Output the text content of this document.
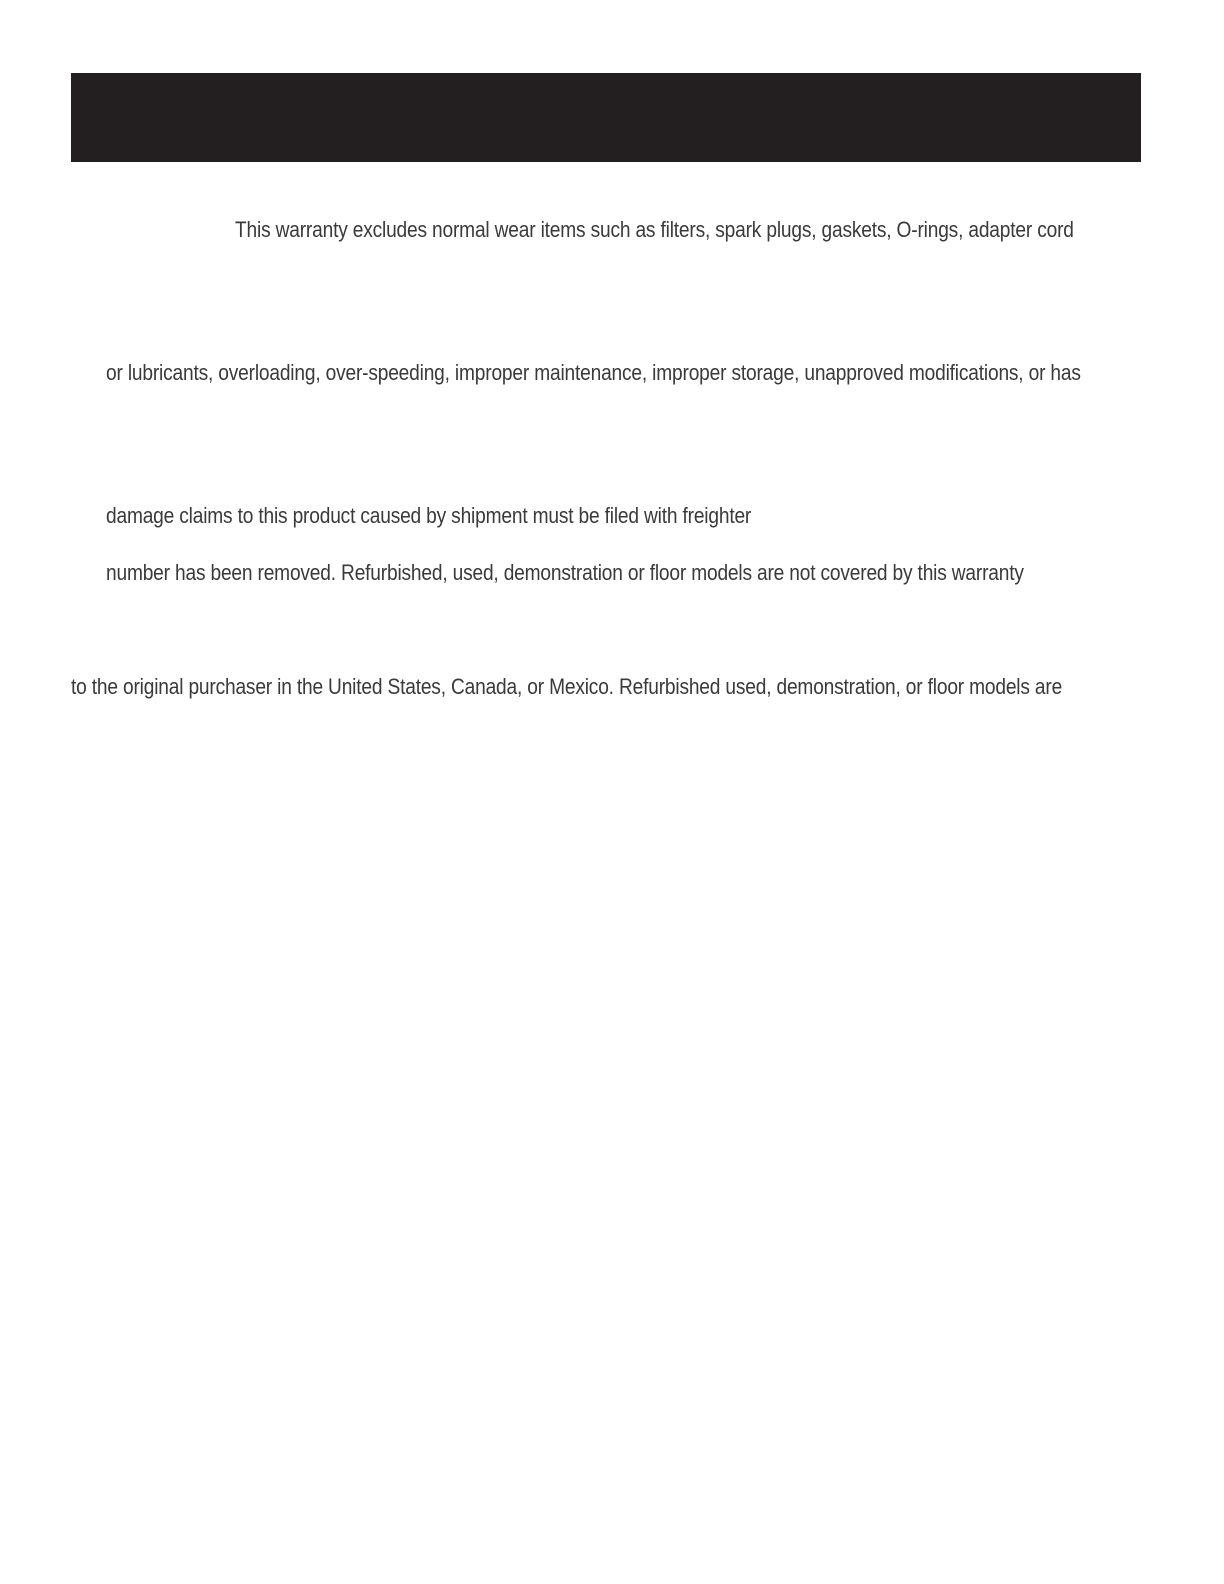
This warranty excludes normal wear items such as filters, spark plugs, gaskets, O-rings, adapter cord
or lubricants, overloading, over-speeding, improper maintenance, improper storage, unapproved modifications, or has
damage claims to this product caused by shipment must be filed with freighter
number has been removed. Refurbished, used, demonstration or floor models are not covered by this warranty
to the original purchaser in the United States, Canada, or Mexico. Refurbished used, demonstration, or floor models are
